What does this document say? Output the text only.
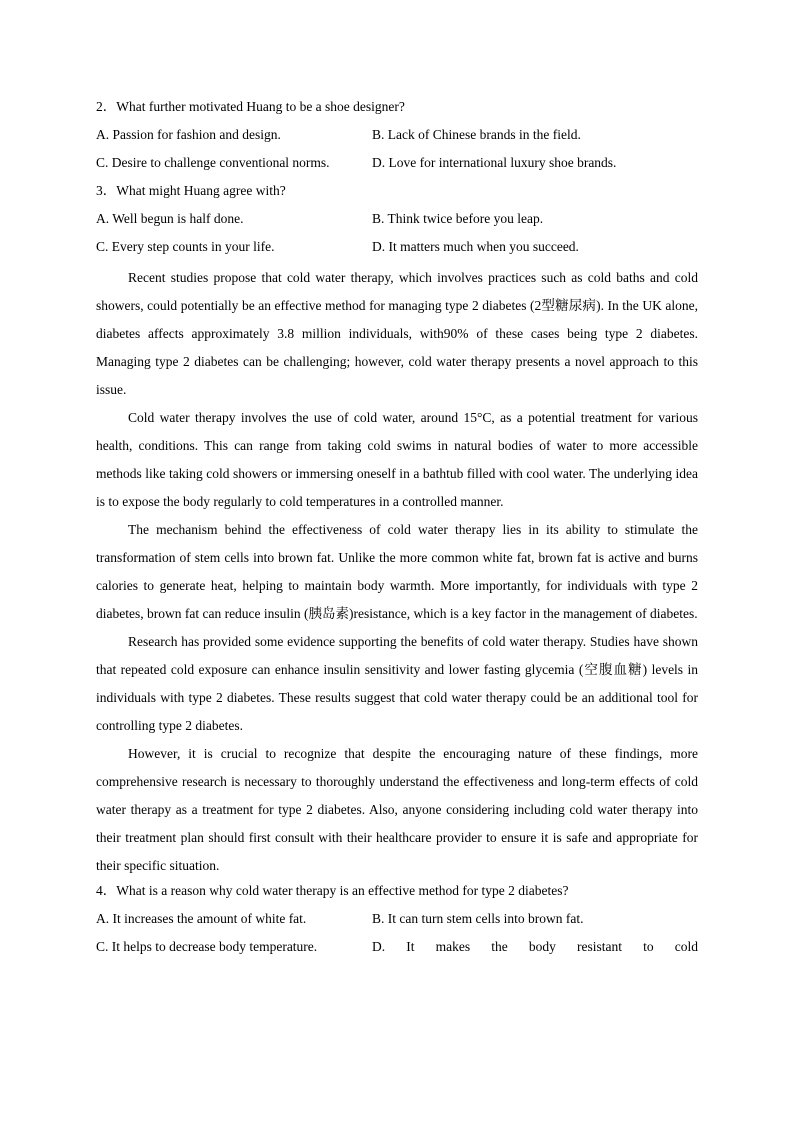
2．What further motivated Huang to be a shoe designer?
A. Passion for fashion and design.	B. Lack of Chinese brands in the field.
C. Desire to challenge conventional norms.	D. Love for international luxury shoe brands.
3．What might Huang agree with?
A. Well begun is half done.	B. Think twice before you leap.
C. Every step counts in your life.	D. It matters much when you succeed.

Recent studies propose that cold water therapy, which involves practices such as cold baths and cold showers, could potentially be an effective method for managing type 2 diabetes (2型糖尿病). In the UK alone, diabetes affects approximately 3.8 million individuals, with90% of these cases being type 2 diabetes. Managing type 2 diabetes can be challenging; however, cold water therapy presents a novel approach to this issue.

Cold water therapy involves the use of cold water, around 15°C, as a potential treatment for various health, conditions. This can range from taking cold swims in natural bodies of water to more accessible methods like taking cold showers or immersing oneself in a bathtub filled with cool water. The underlying idea is to expose the body regularly to cold temperatures in a controlled manner.

The mechanism behind the effectiveness of cold water therapy lies in its ability to stimulate the transformation of stem cells into brown fat. Unlike the more common white fat, brown fat is active and burns calories to generate heat, helping to maintain body warmth. More importantly, for individuals with type 2 diabetes, brown fat can reduce insulin (胰岛素)resistance, which is a key factor in the management of diabetes.

Research has provided some evidence supporting the benefits of cold water therapy. Studies have shown that repeated cold exposure can enhance insulin sensitivity and lower fasting glycemia (空腹血糖) levels in individuals with type 2 diabetes. These results suggest that cold water therapy could be an additional tool for controlling type 2 diabetes.

However, it is crucial to recognize that despite the encouraging nature of these findings, more comprehensive research is necessary to thoroughly understand the effectiveness and long-term effects of cold water therapy as a treatment for type 2 diabetes. Also, anyone considering including cold water therapy into their treatment plan should first consult with their healthcare provider to ensure it is safe and appropriate for their specific situation.

4．What is a reason why cold water therapy is an effective method for type 2 diabetes?
A. It increases the amount of white fat.	B. It can turn stem cells into brown fat.
C. It helps to decrease body temperature.	D. It makes the body resistant to cold
